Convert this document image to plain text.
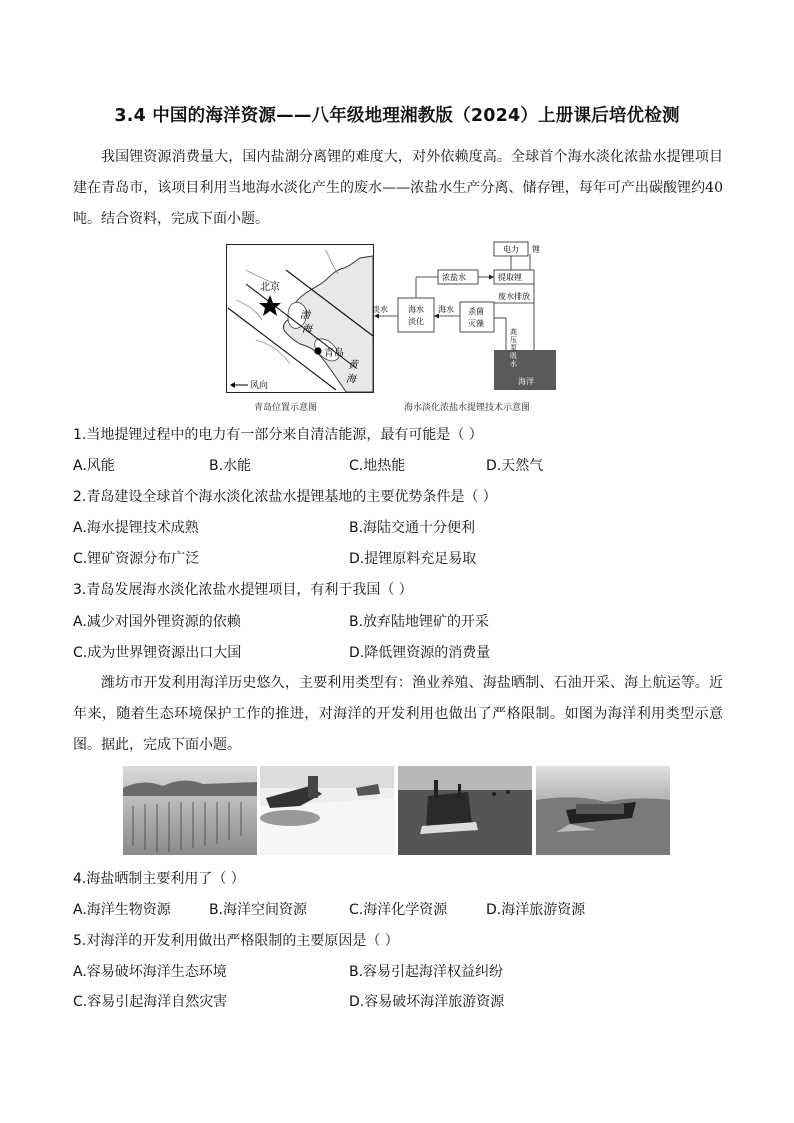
3.4 中国的海洋资源——八年级地理湘教版（2024）上册课后培优检测
我国锂资源消费量大，国内盐湖分离锂的难度大，对外依赖度高。全球首个海水淡化浓盐水提锂项目建在青岛市，该项目利用当地海水淡化产生的废水——浓盐水生产分离、储存锂，每年可产出碳酸锂约40吨。结合资料，完成下面小题。
北京
渤
海
青岛
黄
海
风向
青岛位置示意图
海洋
电力 锂
提取锂
浓盐水
废水排放
海水
淡化
淡水	海水 杀菌
灭藻
高
压
泵
吸
水
海水淡化浓盐水提锂技术示意图
1.当地提锂过程中的电力有一部分来自清洁能源，最有可能是（ ）
A.风能	B.水能	C.地热能	D.天然气
2.青岛建设全球首个海水淡化浓盐水提锂基地的主要优势条件是（ ）
A.海水提锂技术成熟	B.海陆交通十分便利
C.锂矿资源分布广泛	D.提锂原料充足易取
3.青岛发展海水淡化浓盐水提锂项目，有利于我国（ ）
A.减少对国外锂资源的依赖	B.放弃陆地锂矿的开采
C.成为世界锂资源出口大国	D.降低锂资源的消费量
潍坊市开发利用海洋历史悠久，主要利用类型有：渔业养殖、海盐晒制、石油开采、海上航运等。近年来，随着生态环境保护工作的推进，对海洋的开发利用也做出了严格限制。如图为海洋利用类型示意图。据此，完成下面小题。
4.海盐晒制主要利用了（ ）
A.海洋生物资源	B.海洋空间资源	C.海洋化学资源	D.海洋旅游资源
5.对海洋的开发利用做出严格限制的主要原因是（ ）
A.容易破坏海洋生态环境	B.容易引起海洋权益纠纷
C.容易引起海洋自然灾害	D.容易破坏海洋旅游资源
